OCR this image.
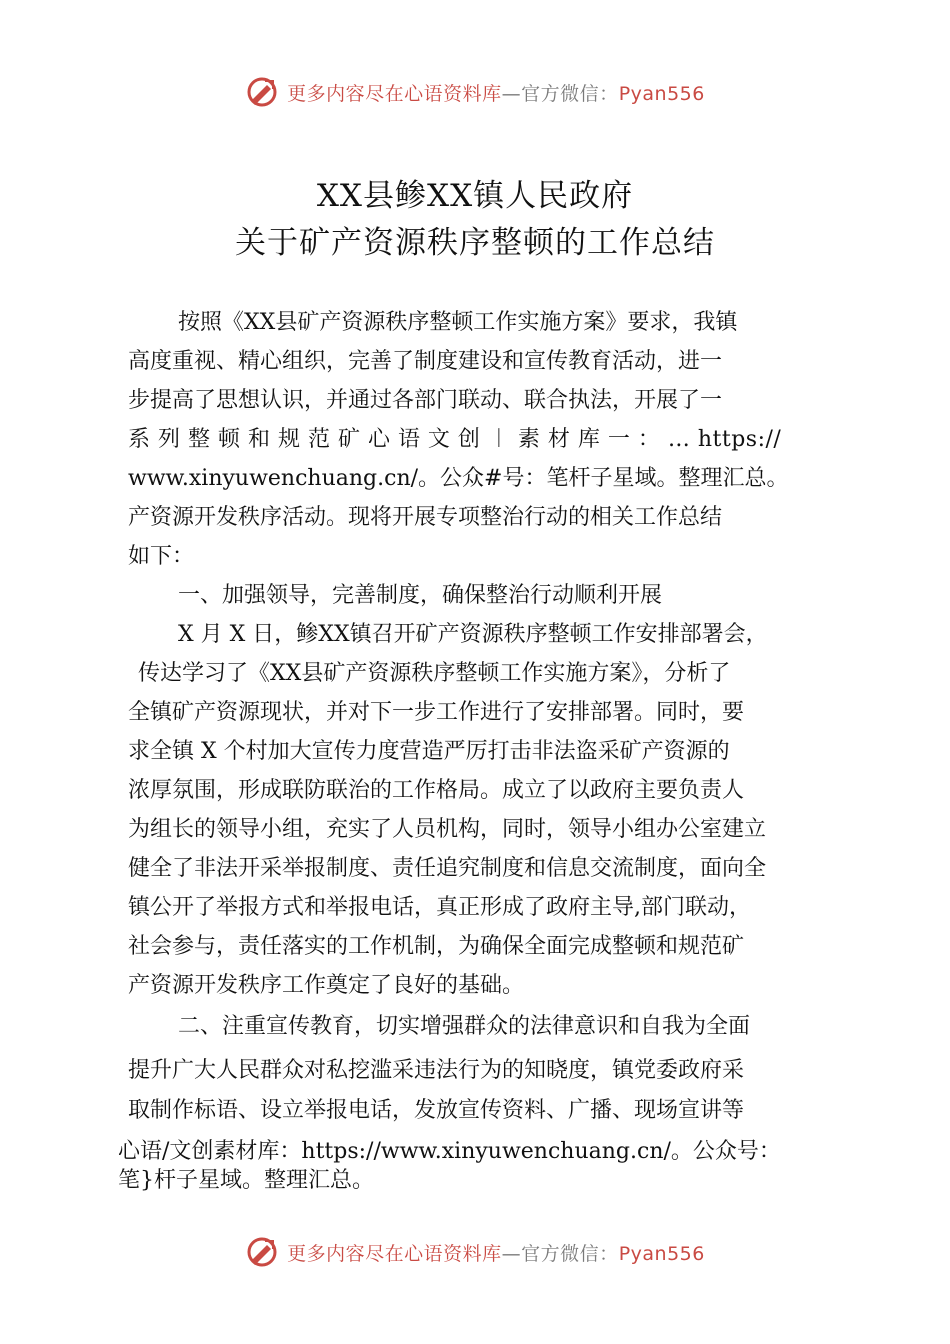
更多内容尽在心语资料库—官方微信：Pyan556
XX县鲹XX镇人民政府
关于矿产资源秩序整顿的工作总结
按照《XX县矿产资源秩序整顿工作实施方案》要求，我镇
高度重视、精心组织，完善了制度建设和宣传教育活动，进一
步提高了思想认识，并通过各部门联动、联合执法，开展了一
系 列 整 顿 和 规 范 矿 心 语 文 创 ︱ 素 材 库 一 ： … https://
www.xinyuwenchuang.cn/。公众#号：笔杆子星域。整理汇总。
产资源开发秩序活动。现将开展专项整治行动的相关工作总结
如下：
一、加强领导，完善制度，确保整治行动顺利开展
X 月 X 日，鲹XX镇召开矿产资源秩序整顿工作安排部署会，
传达学习了《XX县矿产资源秩序整顿工作实施方案》，分析了
全镇矿产资源现状，并对下一步工作进行了安排部署。同时，要
求全镇 X 个村加大宣传力度营造严厉打击非法盗采矿产资源的
浓厚氛围，形成联防联治的工作格局。成立了以政府主要负责人
为组长的领导小组，充实了人员机构，同时，领导小组办公室建立
健全了非法开采举报制度、责任追究制度和信息交流制度，面向全
镇公开了举报方式和举报电话，真正形成了政府主导,部门联动，
社会参与，责任落实的工作机制，为确保全面完成整顿和规范矿
产资源开发秩序工作奠定了良好的基础。
二、注重宣传教育，切实增强群众的法律意识和自我为全面
提升广大人民群众对私挖滥采违法行为的知晓度，镇党委政府采
取制作标语、设立举报电话，发放宣传资料、广播、现场宣讲等
心语/文创素材库：https://www.xinyuwenchuang.cn/。公众号：
笔}杆子星域。整理汇总。
更多内容尽在心语资料库—官方微信：Pyan556
